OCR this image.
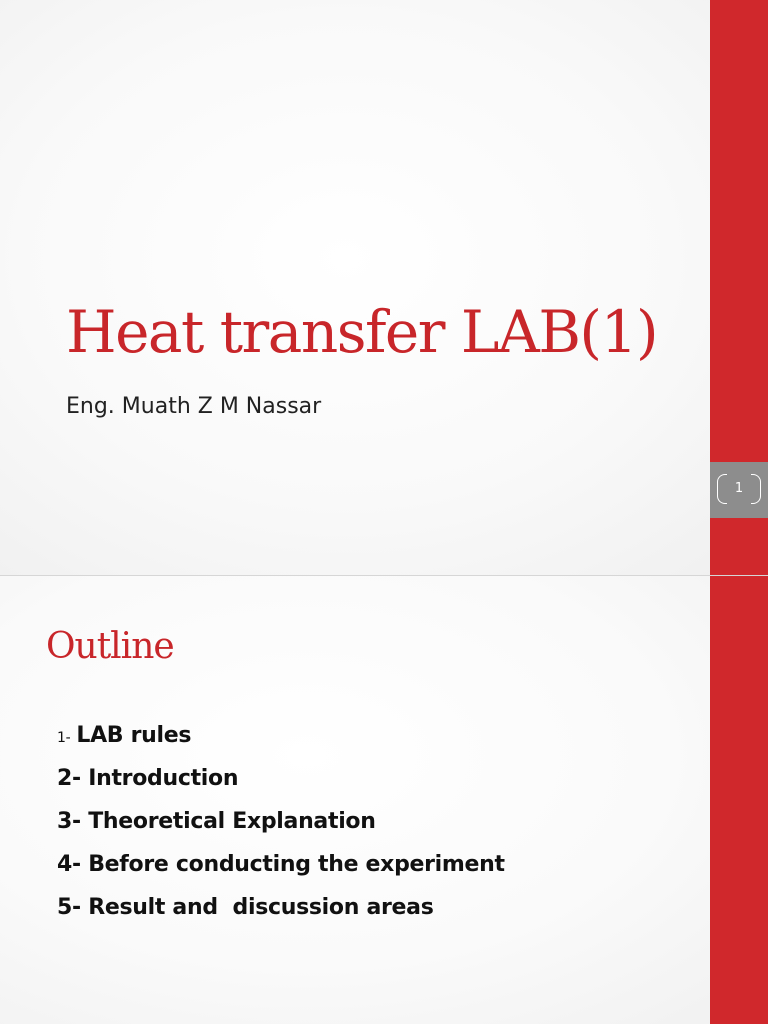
1
Heat transfer LAB(1)

Eng. Muath Z M Nassar

Outline
1- LAB rules
2- Introduction
3- Theoretical Explanation
4- Before conducting the experiment
5- Result and  discussion areas
